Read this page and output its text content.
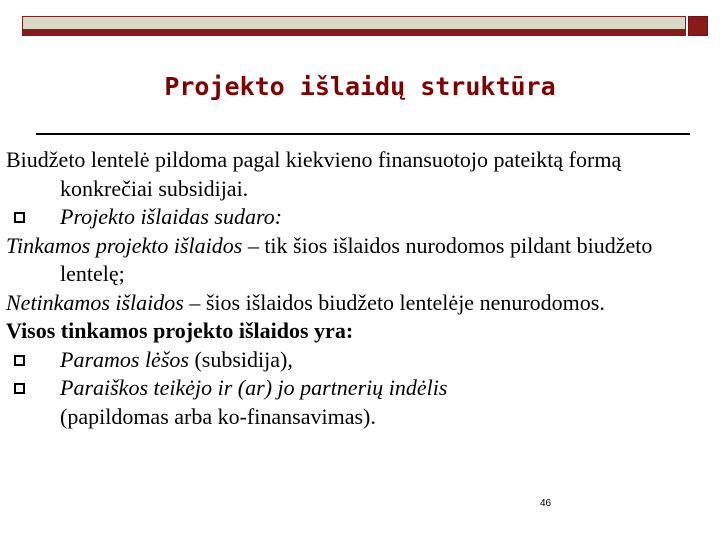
Projekto išlaidų struktūra

Biudžeto lentelė pildoma pagal kiekvieno finansuotojo pateiktą formą konkrečiai subsidijai.

Projekto išlaidas sudaro:

Tinkamos projekto išlaidos – tik šios išlaidos nurodomos pildant biudžeto lentelę;

Netinkamos išlaidos – šios išlaidos biudžeto lentelėje nenurodomos.

Visos tinkamos projekto išlaidos yra:

Paramos lėšos (subsidija),

Paraiškos teikėjo ir (ar) jo partnerių indėlis
(papildomas arba ko-finansavimas).

46
